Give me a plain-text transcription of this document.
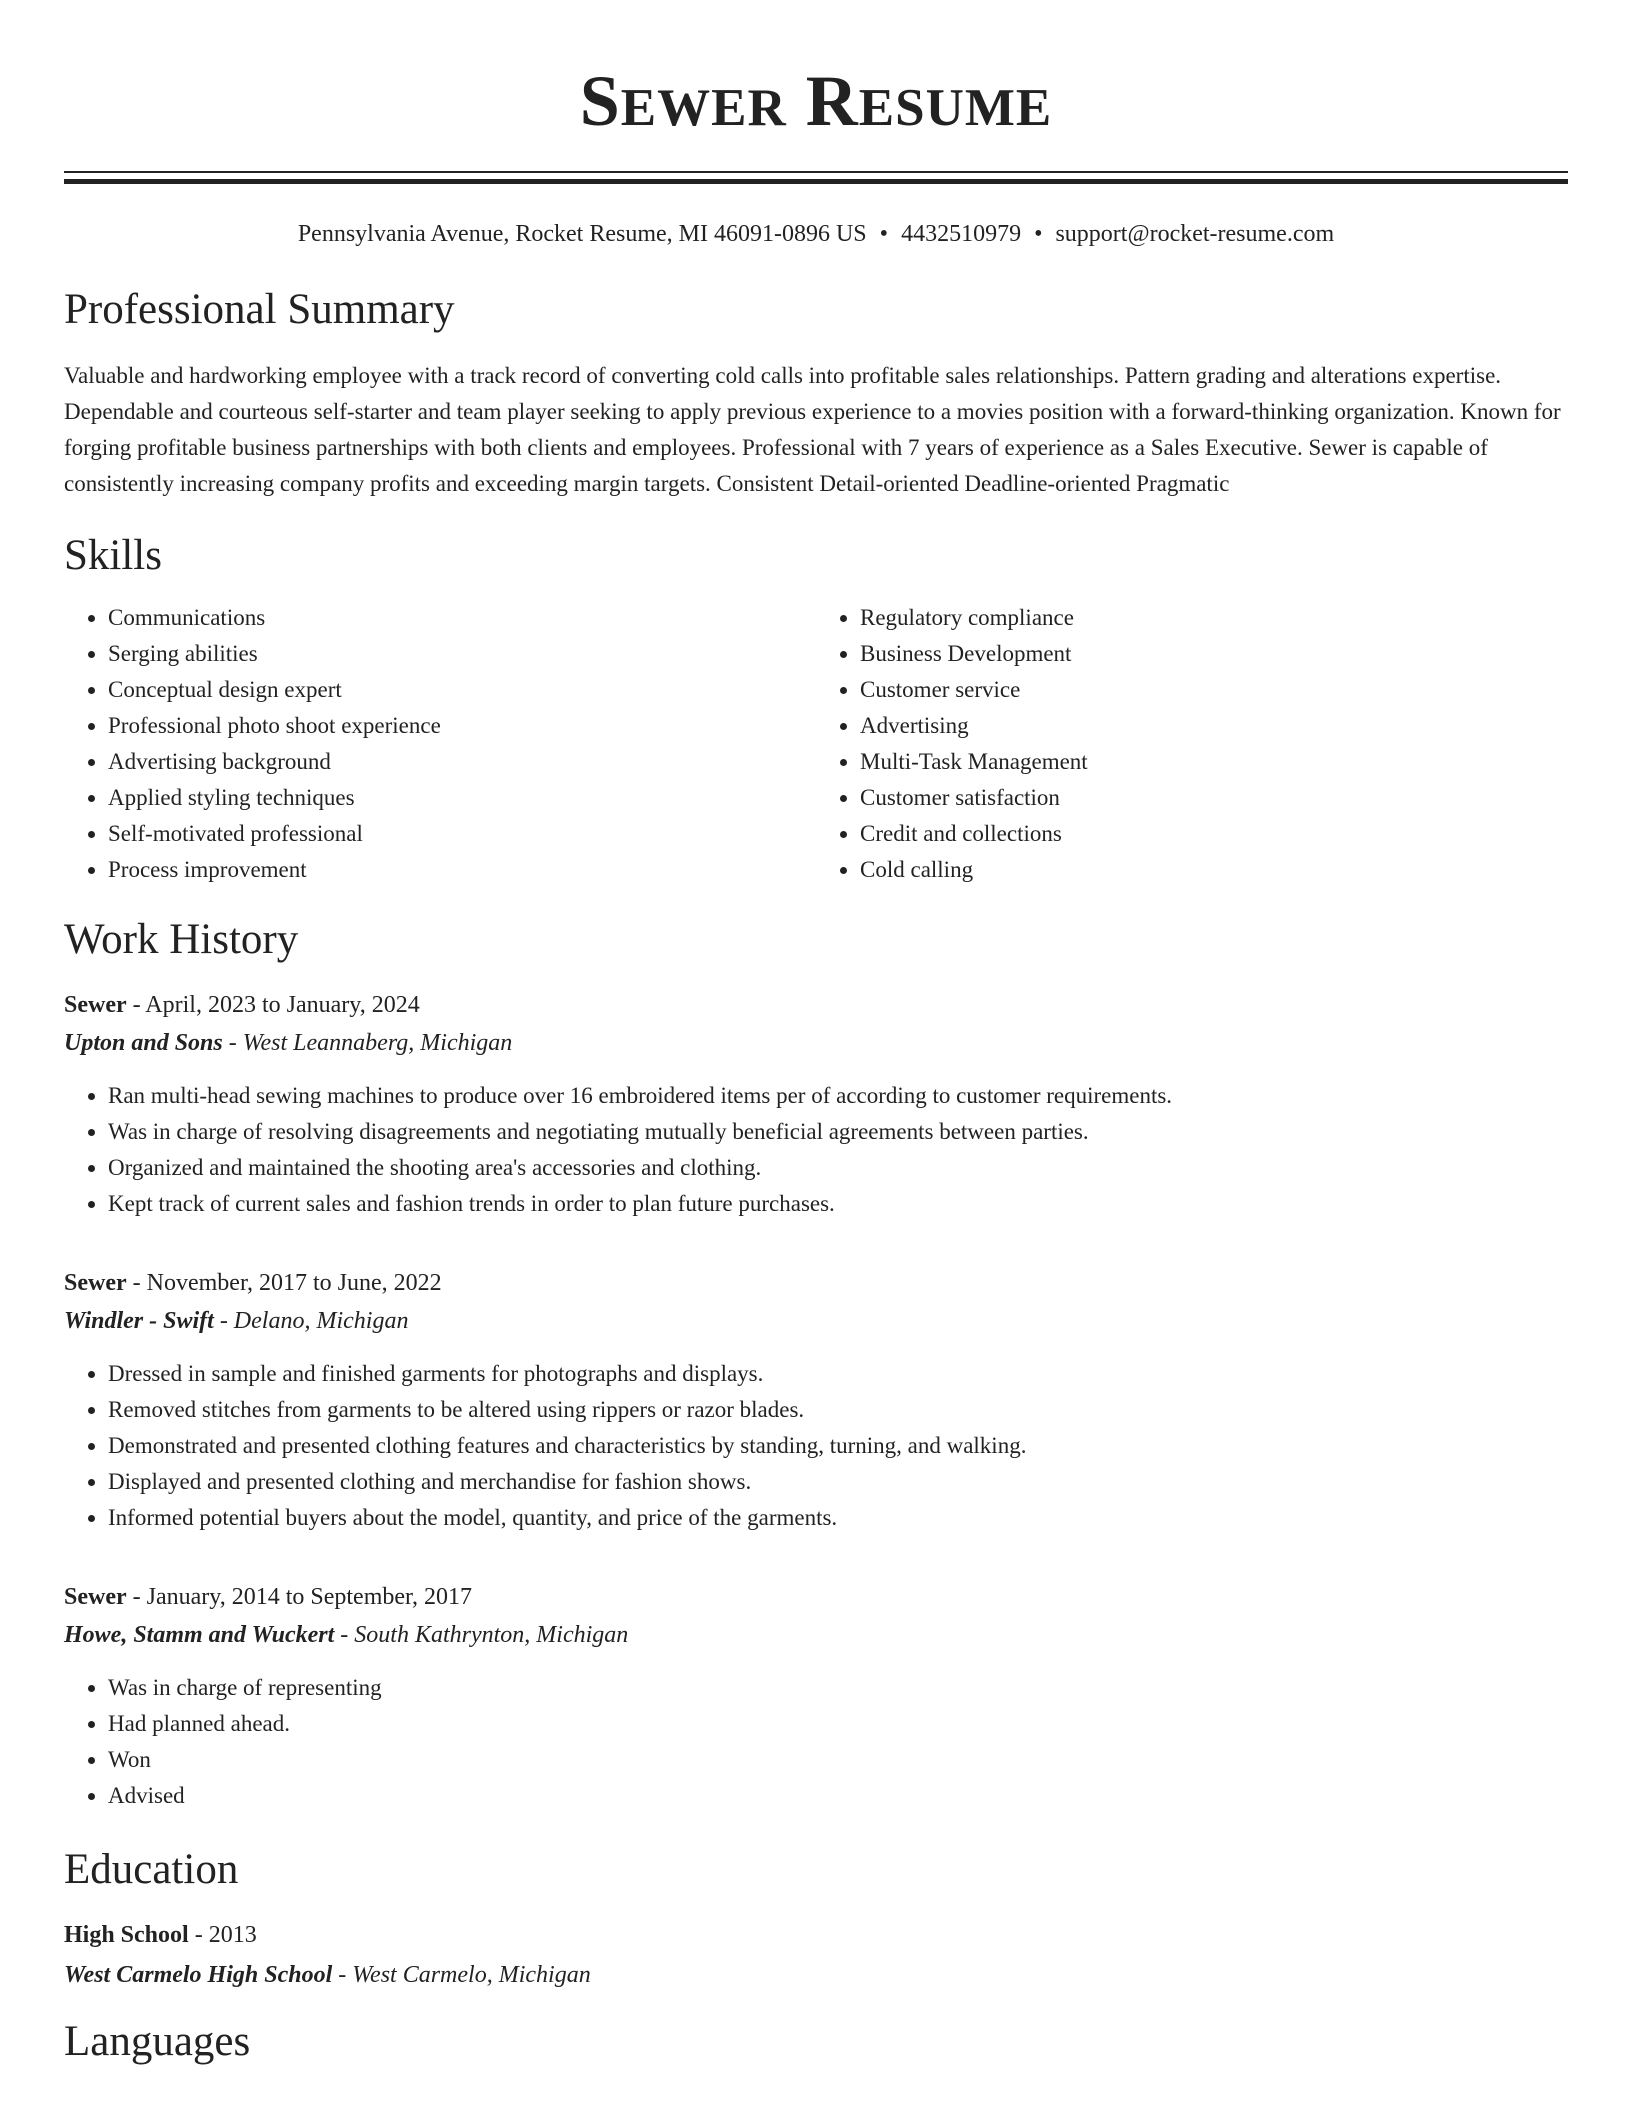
SEWER RESUME
Pennsylvania Avenue, Rocket Resume, MI 46091-0896 US • 4432510979 • support@rocket-resume.com
Professional Summary

Valuable and hardworking employee with a track record of converting cold calls into profitable sales relationships. Pattern grading and alterations expertise. Dependable and courteous self-starter and team player seeking to apply previous experience to a movies position with a forward-thinking organization. Known for forging profitable business partnerships with both clients and employees. Professional with 7 years of experience as a Sales Executive. Sewer is capable of consistently increasing company profits and exceeding margin targets. Consistent Detail-oriented Deadline-oriented Pragmatic

Skills
• Communications
• Serging abilities
• Conceptual design expert
• Professional photo shoot experience
• Advertising background
• Applied styling techniques
• Self-motivated professional
• Process improvement
• Regulatory compliance
• Business Development
• Customer service
• Advertising
• Multi-Task Management
• Customer satisfaction
• Credit and collections
• Cold calling
Work History
Sewer - April, 2023 to January, 2024
Upton and Sons - West Leannaberg, Michigan
• Ran multi-head sewing machines to produce over 16 embroidered items per of according to customer requirements.
• Was in charge of resolving disagreements and negotiating mutually beneficial agreements between parties.
• Organized and maintained the shooting area's accessories and clothing.
• Kept track of current sales and fashion trends in order to plan future purchases.
Sewer - November, 2017 to June, 2022
Windler - Swift - Delano, Michigan
• Dressed in sample and finished garments for photographs and displays.
• Removed stitches from garments to be altered using rippers or razor blades.
• Demonstrated and presented clothing features and characteristics by standing, turning, and walking.
• Displayed and presented clothing and merchandise for fashion shows.
• Informed potential buyers about the model, quantity, and price of the garments.
Sewer - January, 2014 to September, 2017
Howe, Stamm and Wuckert - South Kathrynton, Michigan
• Was in charge of representing
• Had planned ahead.
• Won
• Advised
Education
High School - 2013
West Carmelo High School - West Carmelo, Michigan
Languages
